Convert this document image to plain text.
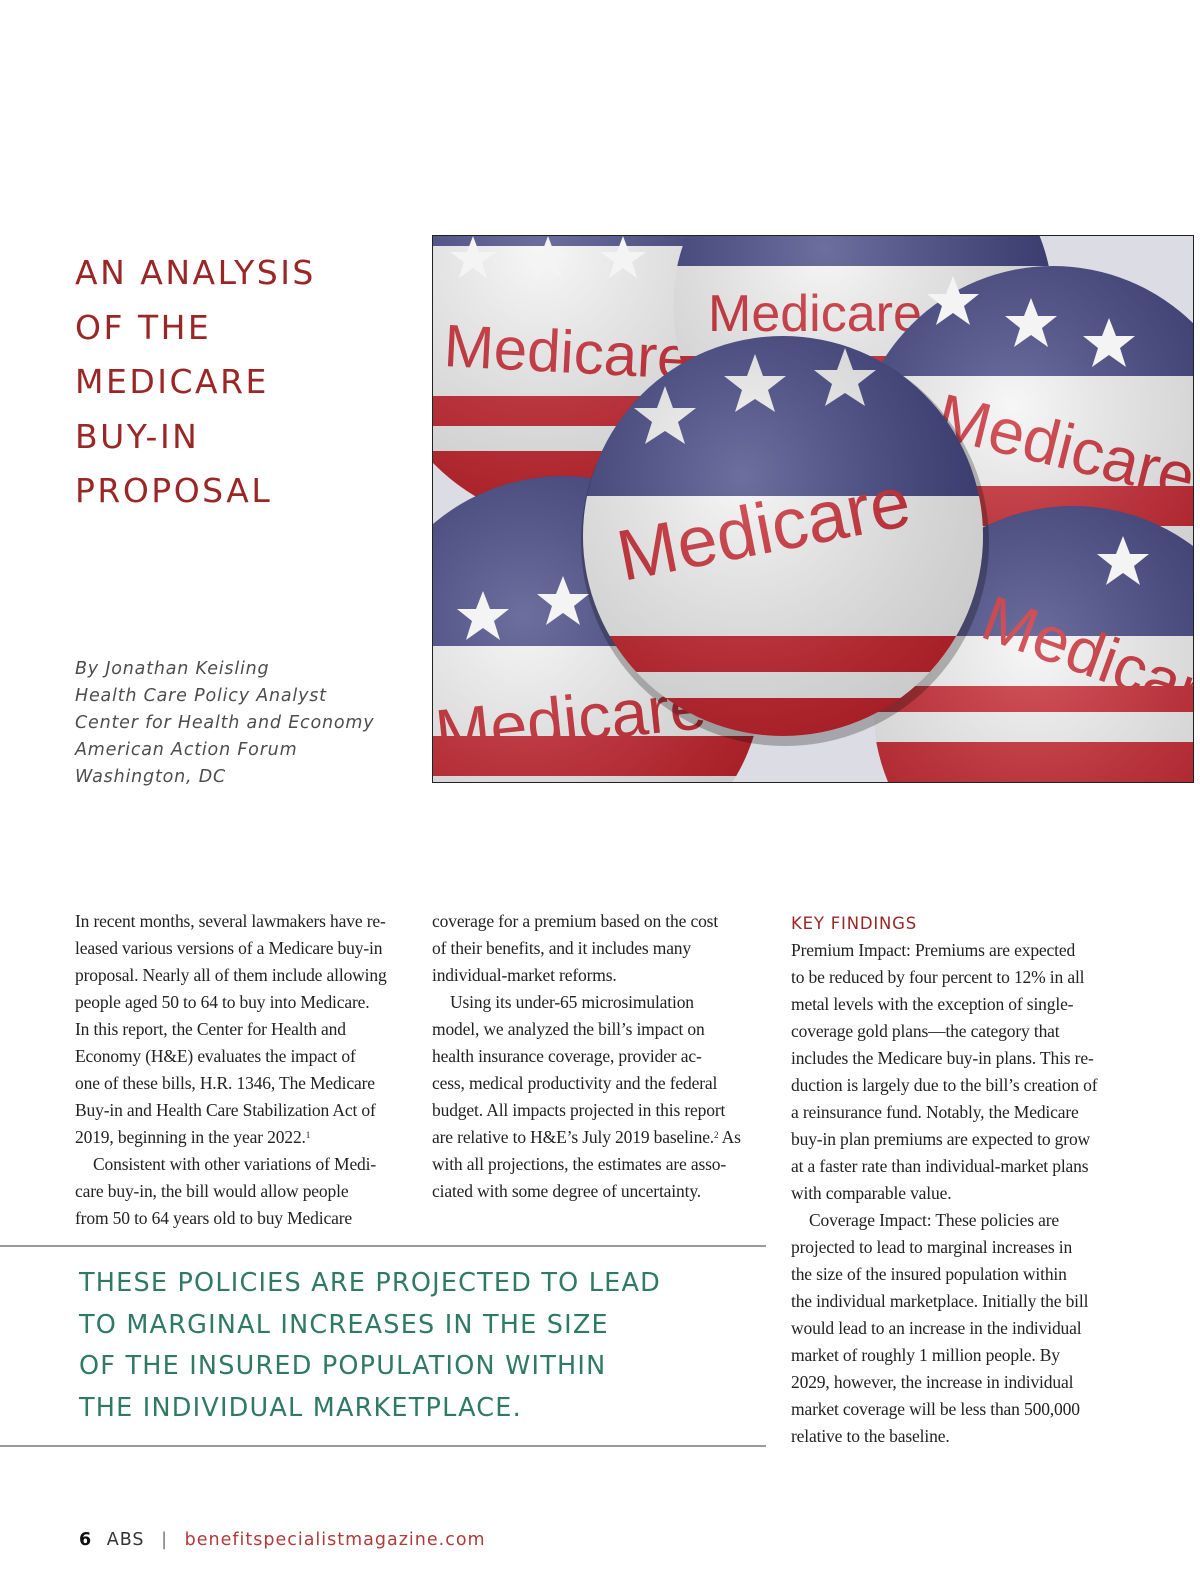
AN ANALYSIS
OF THE
MEDICARE
BUY-IN
PROPOSAL
By Jonathan Keisling
Health Care Policy Analyst
Center for Health and Economy
American Action Forum
Washington, DC
In recent months, several lawmakers have re-
leased various versions of a Medicare buy-in
proposal. Nearly all of them include allowing
people aged 50 to 64 to buy into Medicare.
In this report, the Center for Health and
Economy (H&E) evaluates the impact of
one of these bills, H.R. 1346, The Medicare
Buy-in and Health Care Stabilization Act of
2019, beginning in the year 2022.$^1$
Consistent with other variations of Medi-
care buy-in, the bill would allow people
from 50 to 64 years old to buy Medicare
coverage for a premium based on the cost
of their benefits, and it includes many
individual-market reforms.
Using its under-65 microsimulation
model, we analyzed the bill’s impact on
health insurance coverage, provider ac-
cess, medical productivity and the federal
budget. All impacts projected in this report
are relative to H&E’s July 2019 baseline.$^2$ As
with all projections, the estimates are asso-
ciated with some degree of uncertainty.
KEY FINDINGS
Premium Impact: Premiums are expected
to be reduced by four percent to 12% in all
metal levels with the exception of single-
coverage gold plans—the category that
includes the Medicare buy-in plans. This re-
duction is largely due to the bill’s creation of
a reinsurance fund. Notably, the Medicare
buy-in plan premiums are expected to grow
at a faster rate than individual-market plans
with comparable value.
Coverage Impact: These policies are
projected to lead to marginal increases in
the size of the insured population within
the individual marketplace. Initially the bill
would lead to an increase in the individual
market of roughly 1 million people. By
2029, however, the increase in individual
market coverage will be less than 500,000
relative to the baseline.
THESE POLICIES ARE PROJECTED TO LEAD
TO MARGINAL INCREASES IN THE SIZE
OF THE INSURED POPULATION WITHIN
THE INDIVIDUAL MARKETPLACE.
6 ABS | benefitspecialistmagazine.com
